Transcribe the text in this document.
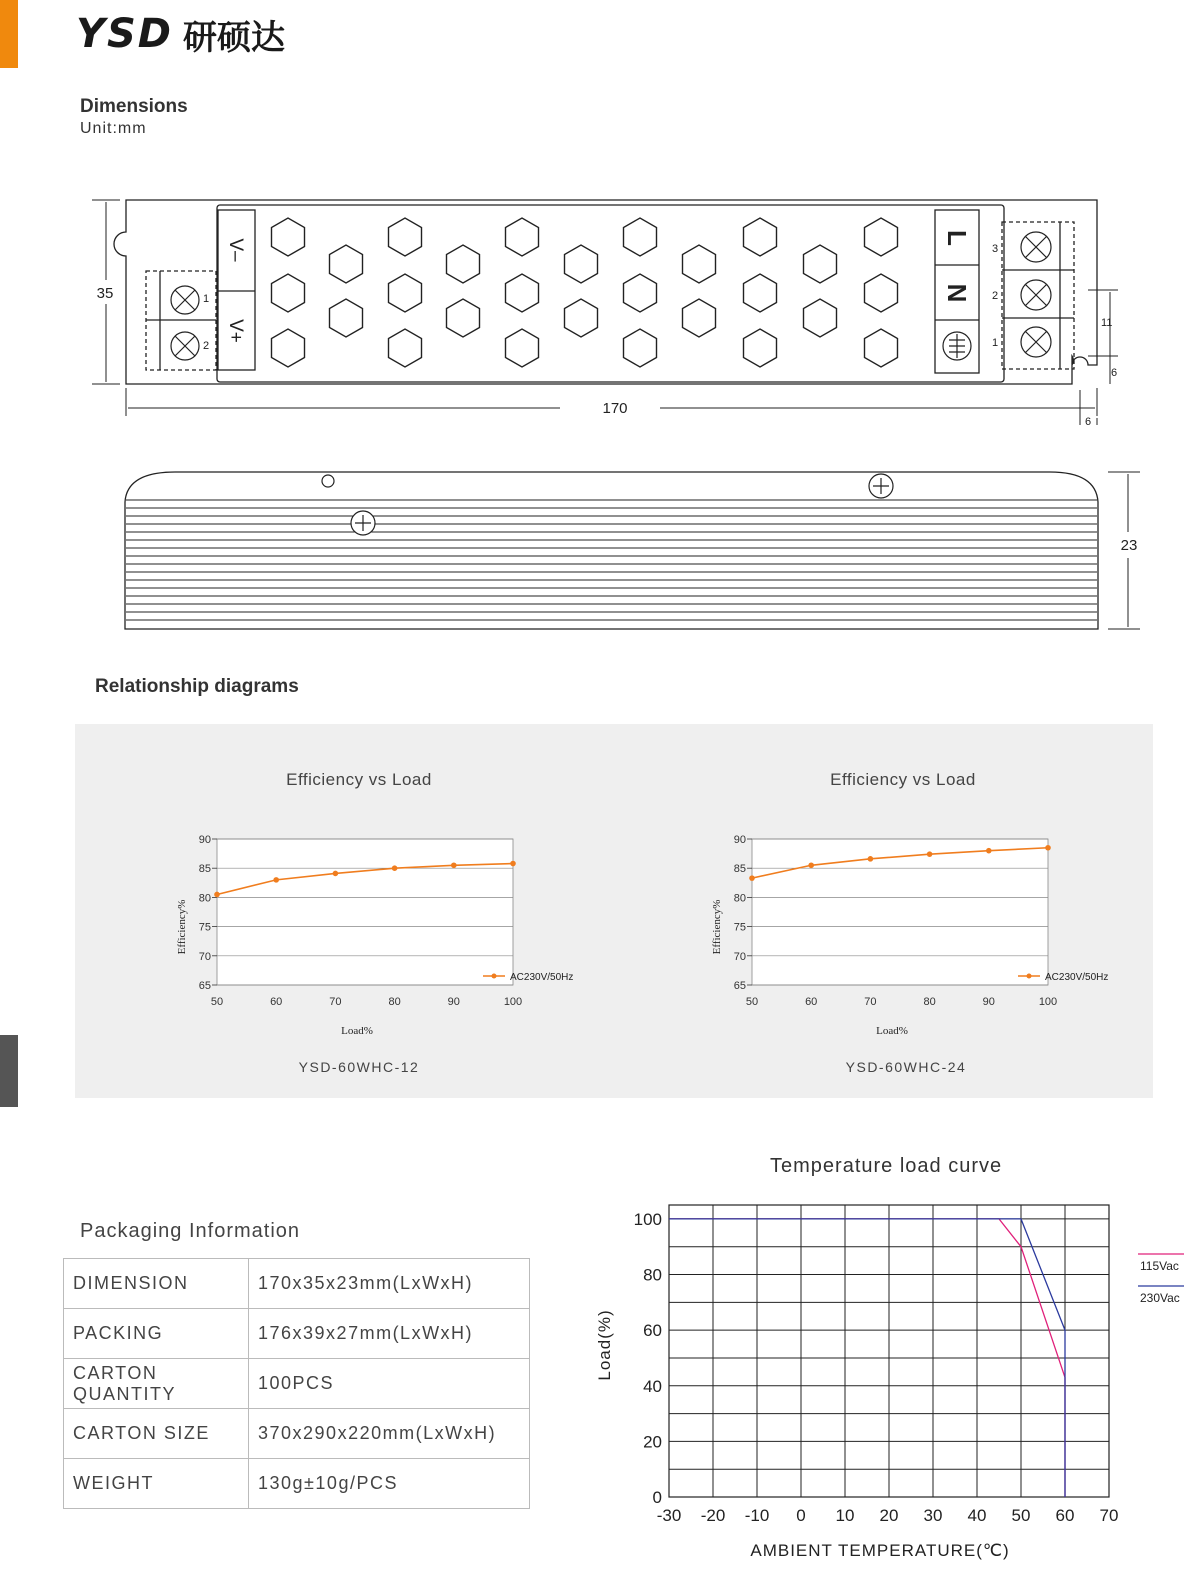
YSD 研硕达
Dimensions
Unit:mm
L
N
V–
V+
1
2
3
2
1
35
170
11
6
6
23
Relationship diagrams
Efficiency vs Load
YSD-60WHC-12
Efficiency vs Load
YSD-60WHC-24
65
70
75
80
85
90
50	60	70	80	90	100
AC230V/50Hz
Efficiency%
Load%
65
70
75
80
85
90
50	60	70	80	90	100
AC230V/50Hz
Efficiency%
Load%
Packaging Information
DIMENSION	170x35x23mm(LxWxH)
PACKING	176x39x27mm(LxWxH)
CARTON QUANTITY	100PCS
CARTON SIZE	370x290x220mm(LxWxH)
WEIGHT	130g±10g/PCS
Temperature load curve
0
20
40
60
80
100
-30 -20 -10 0 10 20 30 40 50 60 70
115Vac
230Vac
Load(%)
AMBIENT TEMPERATURE(℃)
